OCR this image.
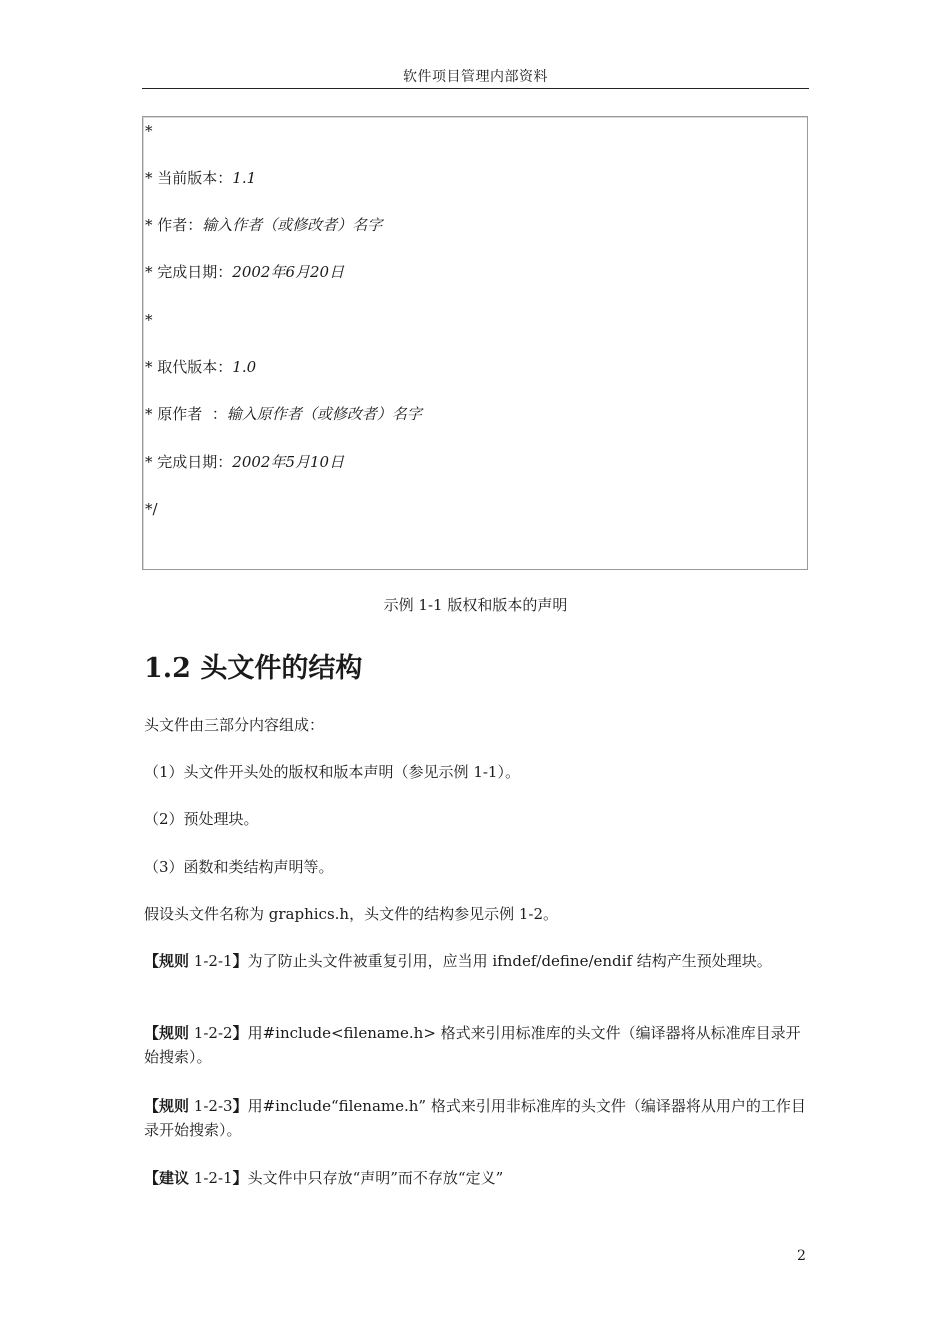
软件项目管理内部资料
*
* 当前版本：1.1
* 作者：输入作者（或修改者）名字
* 完成日期：2002年6月20日
*
* 取代版本：1.0
* 原作者  ：输入原作者（或修改者）名字
* 完成日期：2002年5月10日
*/
示例 1-1 版权和版本的声明
1.2 头文件的结构
头文件由三部分内容组成：
（1）头文件开头处的版权和版本声明（参见示例 1-1）。
（2）预处理块。
（3）函数和类结构声明等。
假设头文件名称为 graphics.h，头文件的结构参见示例 1-2。
【规则 1-2-1】为了防止头文件被重复引用，应当用 ifndef/define/endif 结构产生预处理块。
【规则 1-2-2】用#include<filename.h> 格式来引用标准库的头文件（编译器将从标准库目录开始搜索）。
【规则 1-2-3】用#include“filename.h” 格式来引用非标准库的头文件（编译器将从用户的工作目录开始搜索）。
【建议 1-2-1】头文件中只存放“声明”而不存放“定义”
2
